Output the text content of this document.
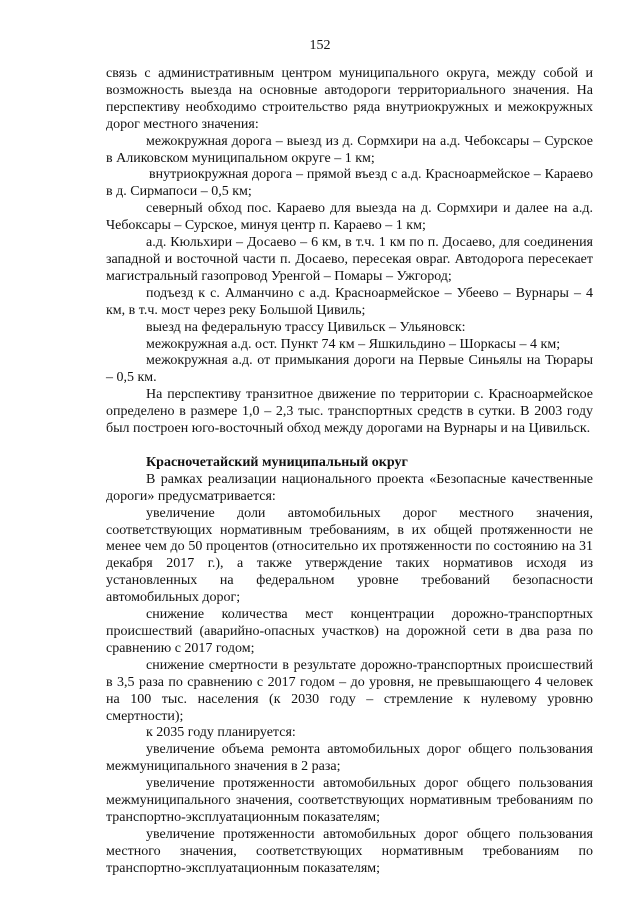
152

связь с административным центром муниципального округа, между собой и возможность выезда на основные автодороги территориального значения. На перспективу необходимо строительство ряда внутриокружных и межокружных дорог местного значения:

межокружная дорога – выезд из д. Сормхири на а.д. Чебоксары – Сурское в Аликовском муниципальном округе – 1 км;

внутриокружная дорога – прямой въезд с а.д. Красноармейское – Караево в д. Сирмапоси – 0,5 км;

северный обход пос. Караево для выезда на д. Сормхири и далее на а.д. Чебоксары – Сурское, минуя центр п. Караево – 1 км;

а.д. Кюльхири – Досаево – 6 км, в т.ч. 1 км по п. Досаево, для соединения западной и восточной части п. Досаево, пересекая овраг. Автодорога пересекает магистральный газопровод Уренгой – Помары – Ужгород;

подъезд к с. Алманчино с а.д. Красноармейское – Убеево – Вурнары – 4 км, в т.ч. мост через реку Большой Цивиль;

выезд на федеральную трассу Цивильск – Ульяновск:

межокружная а.д. ост. Пункт 74 км – Яшкильдино – Шоркасы – 4 км;

межокружная а.д. от примыкания дороги на Первые Синьялы на Тюрары – 0,5 км.

На перспективу транзитное движение по территории с. Красноармейское определено в размере 1,0 – 2,3 тыс. транспортных средств в сутки. В 2003 году был построен юго-восточный обход между дорогами на Вурнары и на Цивильск.

Красночетайский муниципальный округ

В рамках реализации национального проекта «Безопасные качественные дороги» предусматривается:

увеличение доли автомобильных дорог местного значения, соответствующих нормативным требованиям, в их общей протяженности не менее чем до 50 процентов (относительно их протяженности по состоянию на 31 декабря 2017 г.), а также утверждение таких нормативов исходя из установленных на федеральном уровне требований безопасности автомобильных дорог;

снижение количества мест концентрации дорожно-транспортных происшествий (аварийно-опасных участков) на дорожной сети в два раза по сравнению с 2017 годом;

снижение смертности в результате дорожно-транспортных происшествий в 3,5 раза по сравнению с 2017 годом – до уровня, не превышающего 4 человек на 100 тыс. населения (к 2030 году – стремление к нулевому уровню смертности);

к 2035 году планируется:

увеличение объема ремонта автомобильных дорог общего пользования межмуниципального значения в 2 раза;

увеличение протяженности автомобильных дорог общего пользования межмуниципального значения, соответствующих нормативным требованиям по транспортно-эксплуатационным показателям;

увеличение протяженности автомобильных дорог общего пользования местного значения, соответствующих нормативным требованиям по транспортно-эксплуатационным показателям;
